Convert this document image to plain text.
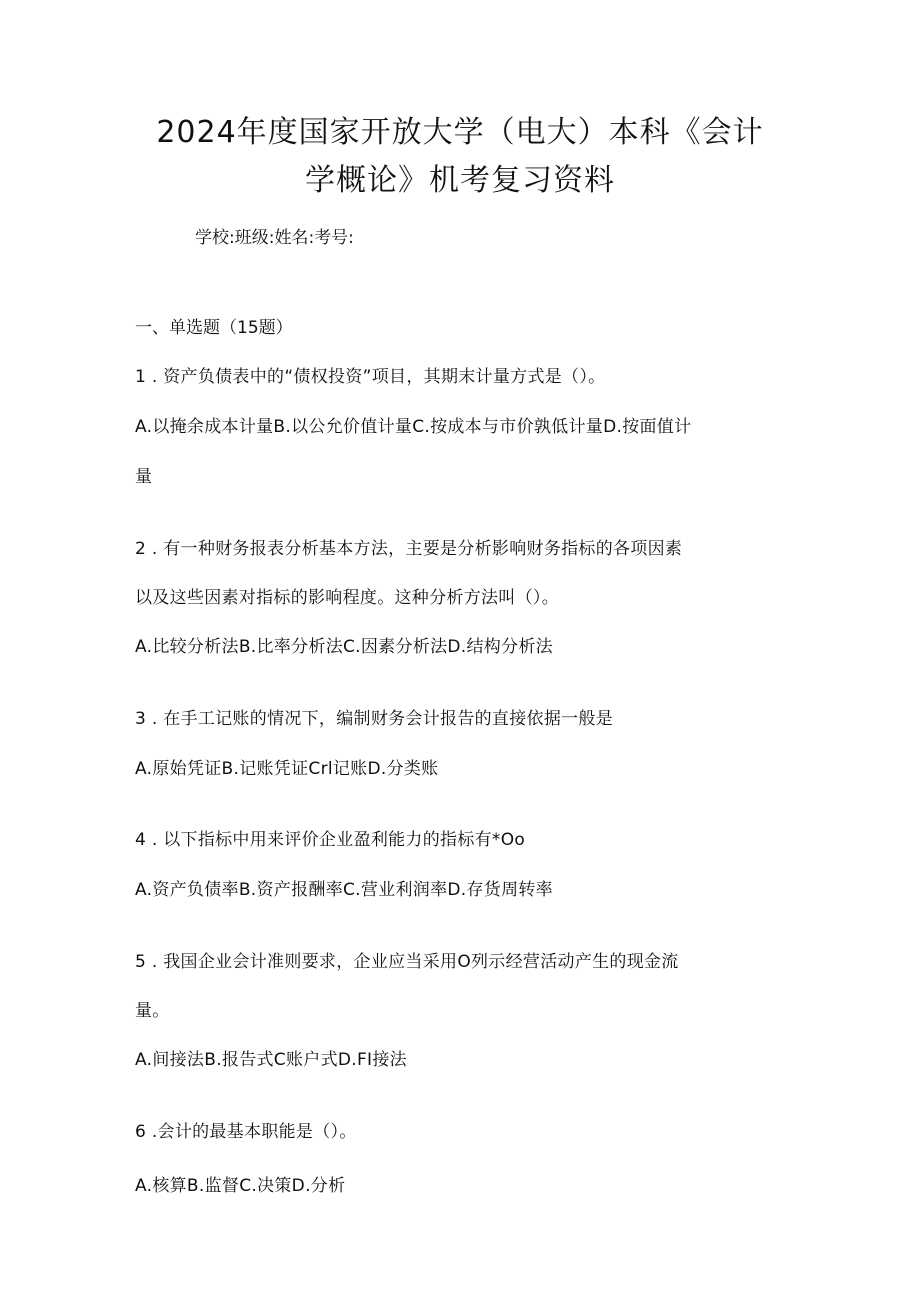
2024年度国家开放大学（电大）本科《会计
学概论》机考复习资料
学校:班级:姓名:考号:
一、单选题（15题）
1 . 资产负债表中的“债权投资”项目，其期末计量方式是（）。
A.以掩余成本计量B.以公允价值计量C.按成本与市价孰低计量D.按面值计
量
2 . 有一种财务报表分析基本方法，主要是分析影响财务指标的各项因素
以及这些因素对指标的影响程度。这种分析方法叫（）。
A.比较分析法B.比率分析法C.因素分析法D.结构分析法
3 . 在手工记账的情况下，编制财务会计报告的直接依据一般是
A.原始凭证B.记账凭证Crl记账D.分类账
4 . 以下指标中用来评价企业盈利能力的指标有*Oo
A.资产负债率B.资产报酬率C.营业利润率D.存货周转率
5 . 我国企业会计准则要求，企业应当采用O列示经营活动产生的现金流
量。
A.间接法B.报告式C账户式D.FI接法
6 .会计的最基本职能是（）。
A.核算B.监督C.决策D.分析
